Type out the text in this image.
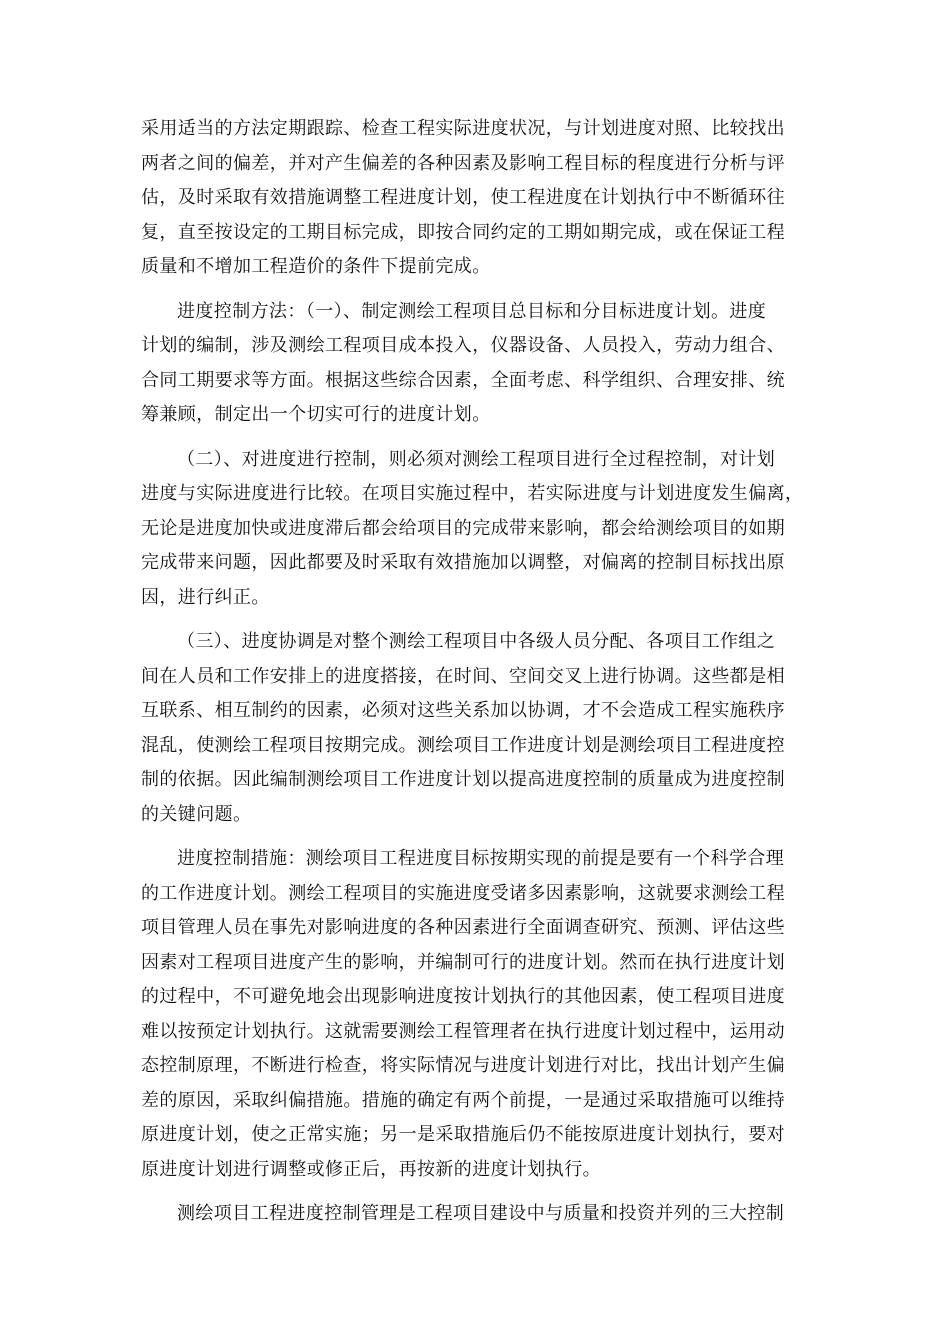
采用适当的方法定期跟踪、检查工程实际进度状况，与计划进度对照、比较找出
两者之间的偏差，并对产生偏差的各种因素及影响工程目标的程度进行分析与评
估，及时采取有效措施调整工程进度计划，使工程进度在计划执行中不断循环往
复，直至按设定的工期目标完成，即按合同约定的工期如期完成，或在保证工程
质量和不增加工程造价的条件下提前完成。

进度控制方法：（一）、制定测绘工程项目总目标和分目标进度计划。进度
计划的编制，涉及测绘工程项目成本投入，仪器设备、人员投入，劳动力组合、
合同工期要求等方面。根据这些综合因素，全面考虑、科学组织、合理安排、统
筹兼顾，制定出一个切实可行的进度计划。

（二）、对进度进行控制，则必须对测绘工程项目进行全过程控制，对计划
进度与实际进度进行比较。在项目实施过程中，若实际进度与计划进度发生偏离，
无论是进度加快或进度滞后都会给项目的完成带来影响，都会给测绘项目的如期
完成带来问题，因此都要及时采取有效措施加以调整，对偏离的控制目标找出原
因，进行纠正。

（三）、进度协调是对整个测绘工程项目中各级人员分配、各项目工作组之
间在人员和工作安排上的进度搭接，在时间、空间交叉上进行协调。这些都是相
互联系、相互制约的因素，必须对这些关系加以协调，才不会造成工程实施秩序
混乱，使测绘工程项目按期完成。测绘项目工作进度计划是测绘项目工程进度控
制的依据。因此编制测绘项目工作进度计划以提高进度控制的质量成为进度控制
的关键问题。

进度控制措施：测绘项目工程进度目标按期实现的前提是要有一个科学合理
的工作进度计划。测绘工程项目的实施进度受诸多因素影响，这就要求测绘工程
项目管理人员在事先对影响进度的各种因素进行全面调查研究、预测、评估这些
因素对工程项目进度产生的影响，并编制可行的进度计划。然而在执行进度计划
的过程中，不可避免地会出现影响进度按计划执行的其他因素，使工程项目进度
难以按预定计划执行。这就需要测绘工程管理者在执行进度计划过程中，运用动
态控制原理，不断进行检查，将实际情况与进度计划进行对比，找出计划产生偏
差的原因，采取纠偏措施。措施的确定有两个前提，一是通过采取措施可以维持
原进度计划，使之正常实施；另一是采取措施后仍不能按原进度计划执行，要对
原进度计划进行调整或修正后，再按新的进度计划执行。

测绘项目工程进度控制管理是工程项目建设中与质量和投资并列的三大控制
